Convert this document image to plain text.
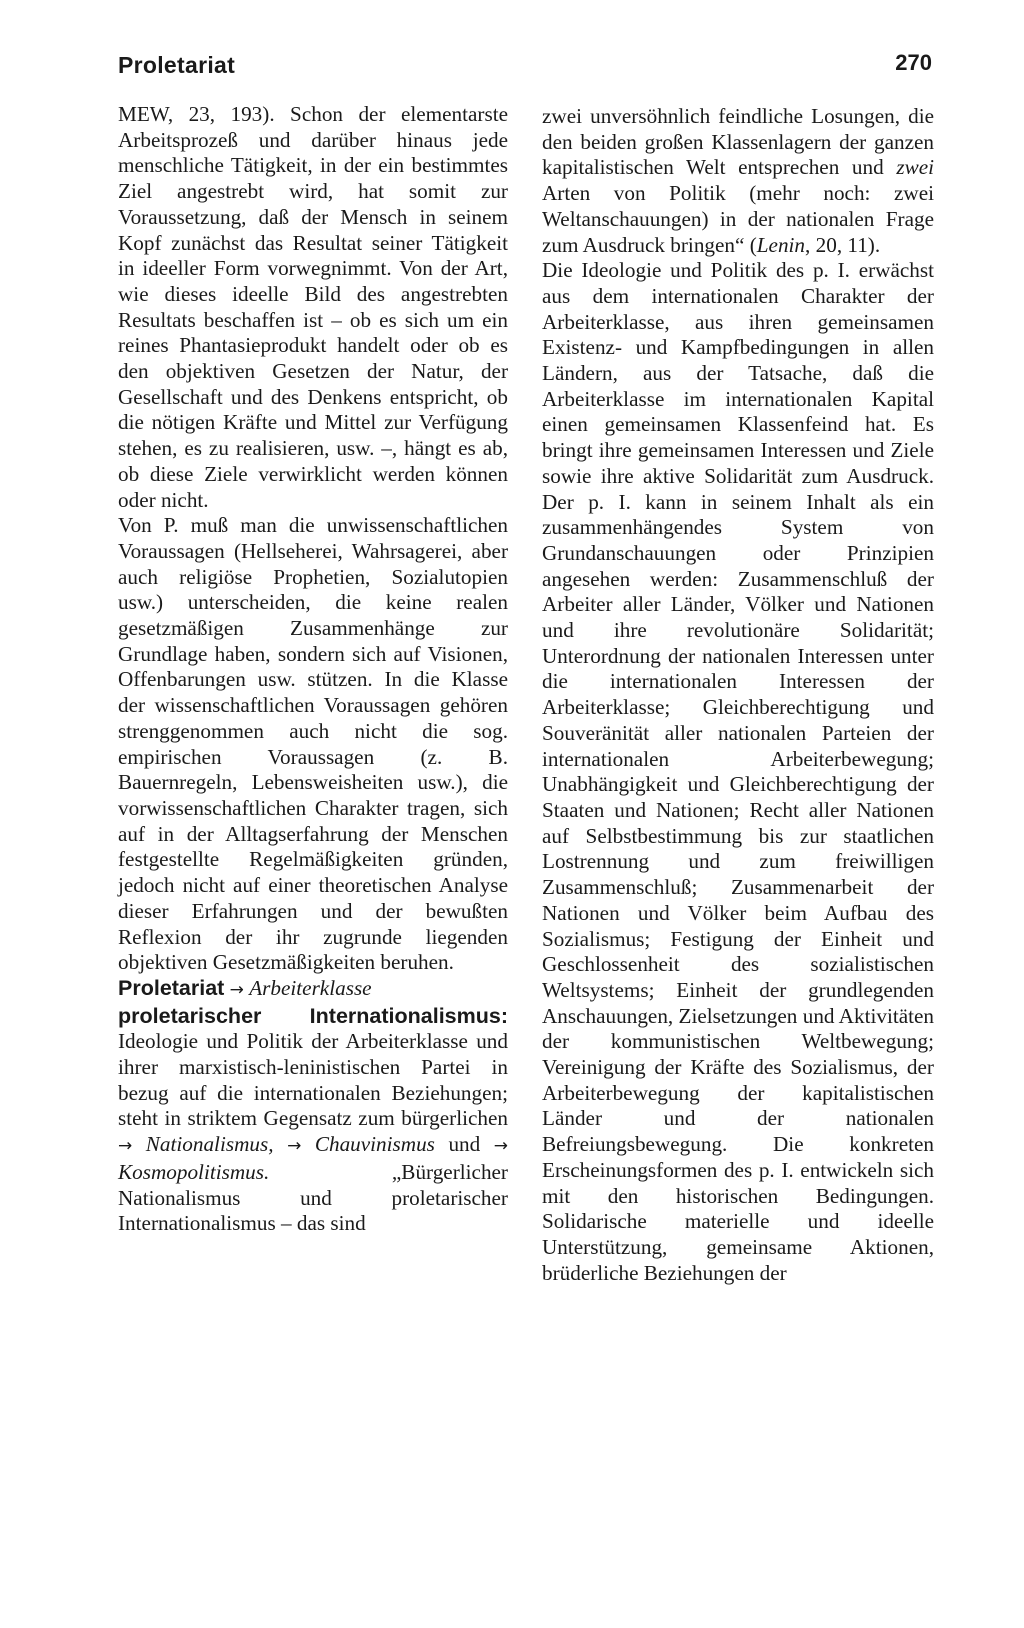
Proletariat	270

MEW, 23, 193). Schon der elementarste Arbeitsprozeß und darüber hinaus jede menschliche Tätigkeit, in der ein bestimmtes Ziel angestrebt wird, hat somit zur Voraussetzung, daß der Mensch in seinem Kopf zunächst das Resultat seiner Tätigkeit in ideeller Form vorwegnimmt. Von der Art, wie dieses ideelle Bild des angestrebten Resultats beschaffen ist – ob es sich um ein reines Phantasieprodukt handelt oder ob es den objektiven Gesetzen der Natur, der Gesellschaft und des Denkens entspricht, ob die nötigen Kräfte und Mittel zur Verfügung stehen, es zu realisieren, usw. –, hängt es ab, ob diese Ziele verwirklicht werden können oder nicht.

Von P. muß man die unwissenschaftlichen Voraussagen (Hellseherei, Wahrsagerei, aber auch religiöse Prophetien, Sozialutopien usw.) unterscheiden, die keine realen gesetzmäßigen Zusammenhänge zur Grundlage haben, sondern sich auf Visionen, Offenbarungen usw. stützen. In die Klasse der wissenschaftlichen Voraussagen gehören strenggenommen auch nicht die sog. empirischen Voraussagen (z. B. Bauernregeln, Lebensweisheiten usw.), die vorwissenschaftlichen Charakter tragen, sich auf in der Alltagserfahrung der Menschen festgestellte Regelmäßigkeiten gründen, jedoch nicht auf einer theoretischen Analyse dieser Erfahrungen und der bewußten Reflexion der ihr zugrunde liegenden objektiven Gesetzmäßigkeiten beruhen.

Proletariat → Arbeiterklasse

proletarischer Internationalismus: Ideologie und Politik der Arbeiterklasse und ihrer marxistisch-leninistischen Partei in bezug auf die internationalen Beziehungen; steht in striktem Gegensatz zum bürgerlichen → Nationalismus, → Chauvinismus und → Kosmopolitismus.	„Bürgerlicher Nationalismus und proletarischer Internationalismus – das sind

zwei unversöhnlich feindliche Losungen, die den beiden großen Klassenlagern der ganzen kapitalistischen Welt entsprechen und zwei Arten von Politik (mehr noch: zwei Weltanschauungen) in der nationalen Frage zum Ausdruck bringen“ (Lenin, 20, 11).

Die Ideologie und Politik des p. I. erwächst aus dem internationalen Charakter der Arbeiterklasse, aus ihren gemeinsamen Existenz- und Kampfbedingungen in allen Ländern, aus der Tatsache, daß die Arbeiterklasse im internationalen Kapital einen gemeinsamen Klassenfeind hat. Es bringt ihre gemeinsamen Interessen und Ziele sowie ihre aktive Solidarität zum Ausdruck. Der p. I. kann in seinem Inhalt als ein zusammenhängendes System von Grundanschauungen oder Prinzipien angesehen werden: Zusammenschluß der Arbeiter aller Länder, Völker und Nationen und ihre revolutionäre Solidarität; Unterordnung der nationalen Interessen unter die internationalen Interessen der Arbeiterklasse; Gleichberechtigung und Souveränität aller nationalen Parteien der internationalen Arbeiterbewegung; Unabhängigkeit und Gleichberechtigung der Staaten und Nationen; Recht aller Nationen auf Selbstbestimmung bis zur staatlichen Lostrennung und zum freiwilligen Zusammenschluß; Zusammenarbeit der Nationen und Völker beim Aufbau des Sozialismus; Festigung der Einheit und Geschlossenheit des sozialistischen Weltsystems; Einheit der grundlegenden Anschauungen, Zielsetzungen und Aktivitäten der kommunistischen Weltbewegung; Vereinigung der Kräfte des Sozialismus, der Arbeiterbewegung der kapitalistischen Länder und der nationalen Befreiungsbewegung. Die konkreten Erscheinungsformen des p. I. entwickeln sich mit den historischen Bedingungen. Solidarische materielle und ideelle Unterstützung, gemeinsame Aktionen, brüderliche Beziehungen der
